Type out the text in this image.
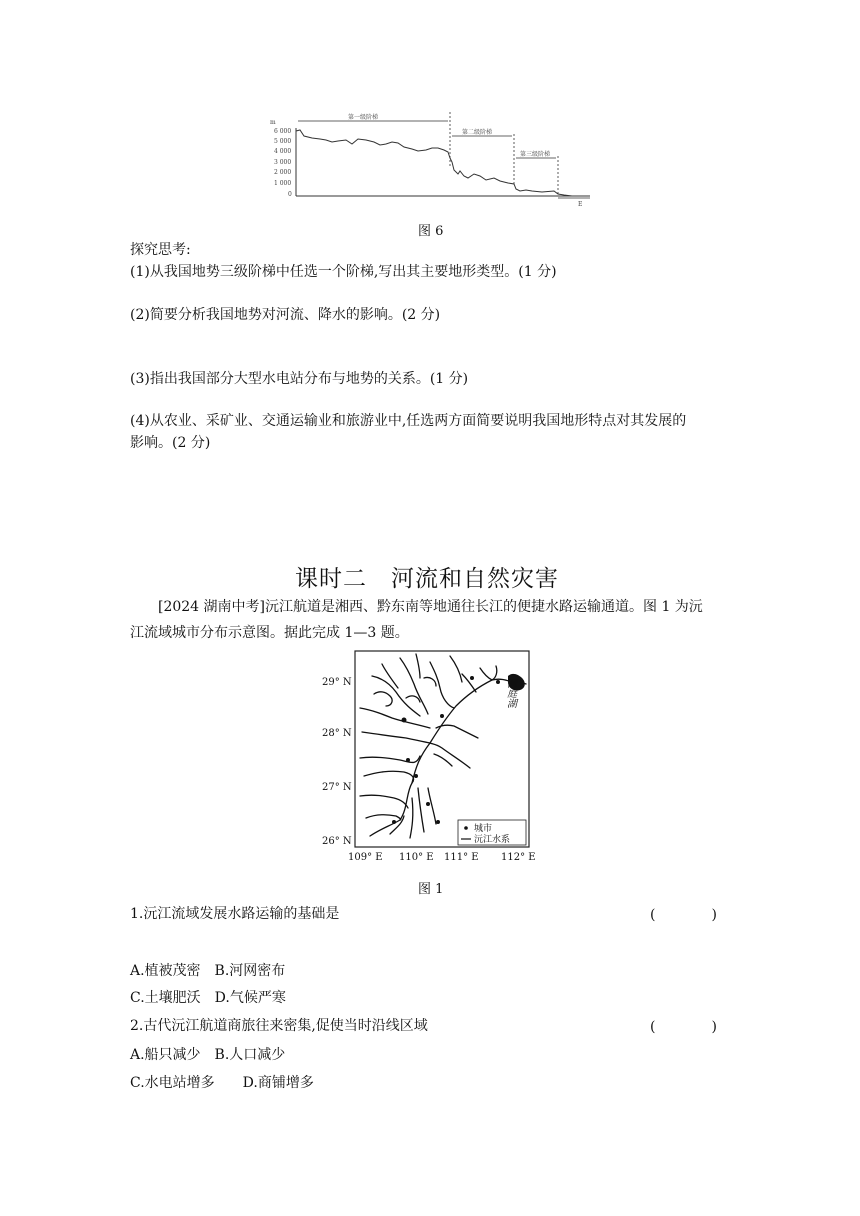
m
6 000
5 000
4 000
3 000
2 000
1 000
0
第一级阶梯
第二级阶梯
第三级阶梯
E
图 6
探究思考:
(1)从我国地势三级阶梯中任选一个阶梯,写出其主要地形类型。(1 分)
(2)简要分析我国地势对河流、降水的影响。(2 分)
(3)指出我国部分大型水电站分布与地势的关系。(1 分)
(4)从农业、采矿业、交通运输业和旅游业中,任选两方面简要说明我国地形特点对其发展的
影响。(2 分)
课时二　河流和自然灾害
[2024 湖南中考]沅江航道是湘西、黔东南等地通往长江的便捷水路运输通道。图 1 为沅
江流域城市分布示意图。据此完成 1—3 题。
29° N
28° N
27° N
26° N
109° E 110° E 111° E 112° E
洞庭湖
城市
沅江水系
图 1
1.沅江流域发展水路运输的基础是	(　　　　)
A.植被茂密　B.河网密布
C.土壤肥沃　D.气候严寒
2.古代沅江航道商旅往来密集,促使当时沿线区域	(　　　　)
A.船只减少　B.人口减少
C.水电站增多　　D.商铺增多
